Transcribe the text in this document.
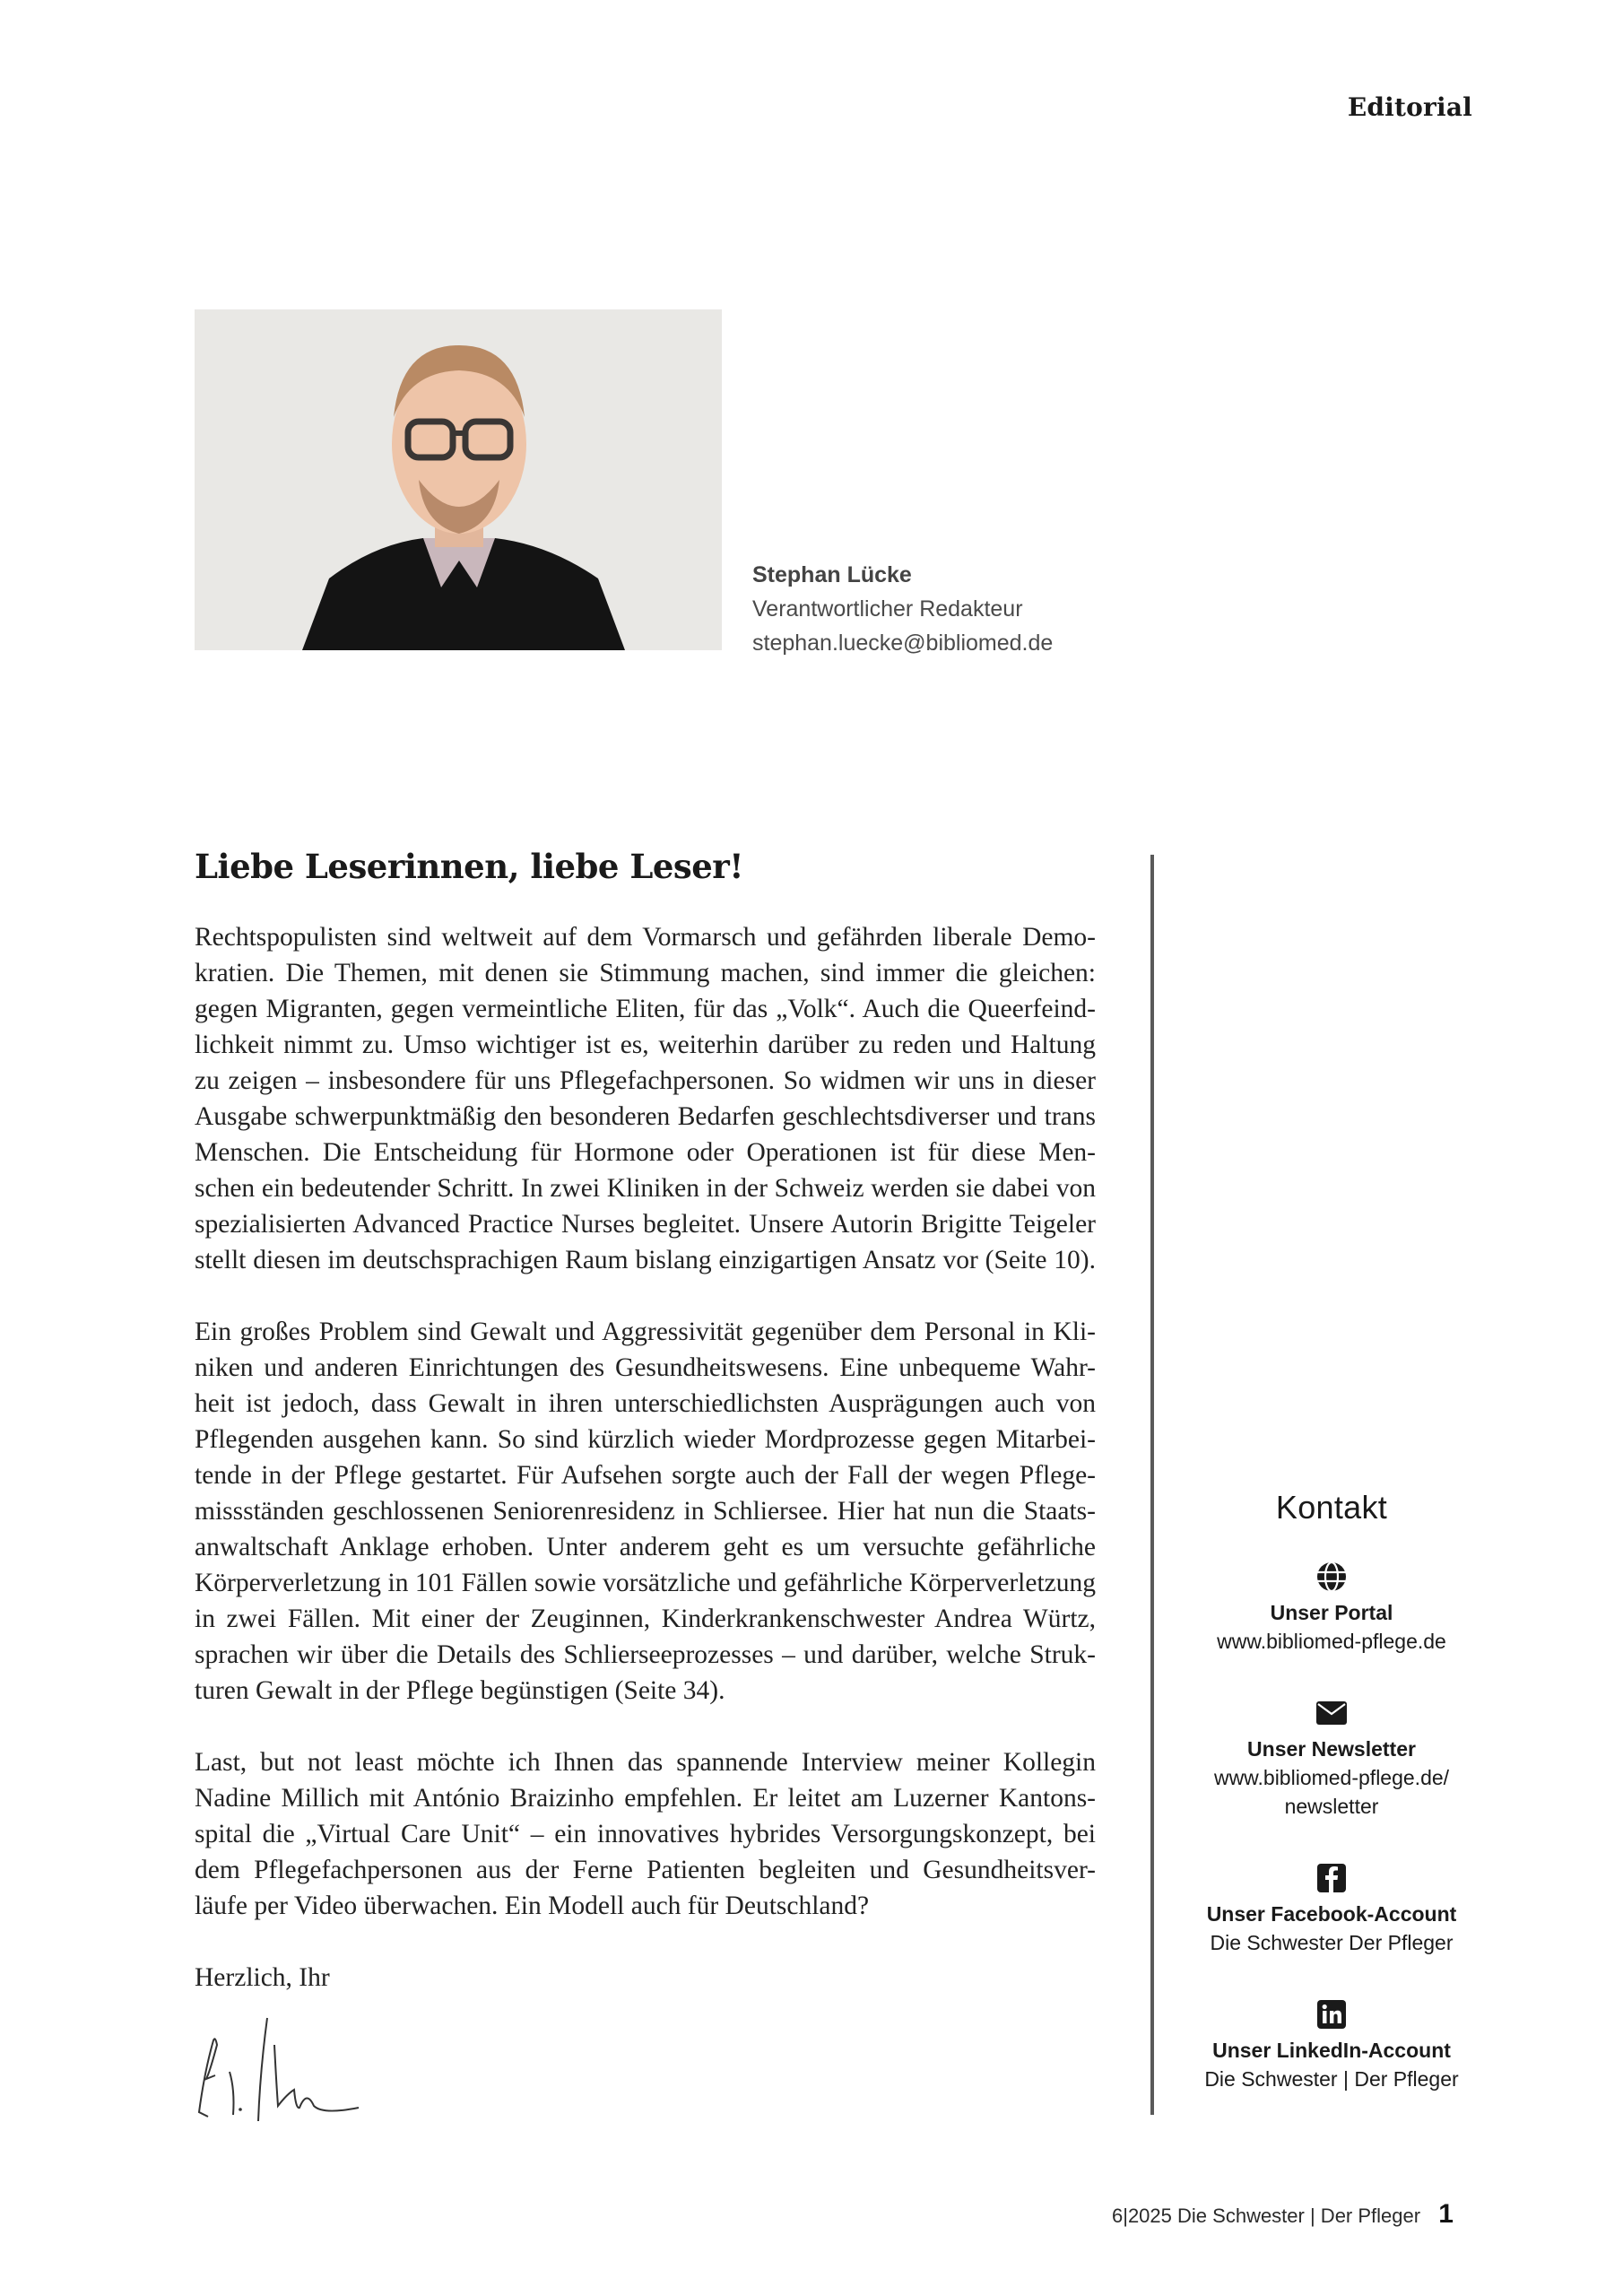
Editorial
Stephan Lücke
Verantwortlicher Redakteur
stephan.luecke@bibliomed.de
Liebe Leserinnen, liebe Leser!

Rechtspopulisten sind weltweit auf dem Vormarsch und gefährden liberale Demo-
kratien. Die Themen, mit denen sie Stimmung machen, sind immer die gleichen:
gegen Migranten, gegen vermeintliche Eliten, für das „Volk“. Auch die Queerfeind-
lichkeit nimmt zu. Umso wichtiger ist es, weiterhin darüber zu reden und Haltung
zu zeigen – insbesondere für uns Pflegefachpersonen. So widmen wir uns in dieser
Ausgabe schwerpunktmäßig den besonderen Bedarfen geschlechtsdiverser und trans
Menschen. Die Entscheidung für Hormone oder Operationen ist für diese Men-
schen ein bedeutender Schritt. In zwei Kliniken in der Schweiz werden sie dabei von
spezialisierten Advanced Practice Nurses begleitet. Unsere Autorin Brigitte Teigeler
stellt diesen im deutschsprachigen Raum bislang einzigartigen Ansatz vor (Seite 10).

Ein großes Problem sind Gewalt und Aggressivität gegenüber dem Personal in Kli-
niken und anderen Einrichtungen des Gesundheitswesens. Eine unbequeme Wahr-
heit ist jedoch, dass Gewalt in ihren unterschiedlichsten Ausprägungen auch von
Pflegenden ausgehen kann. So sind kürzlich wieder Mordprozesse gegen Mitarbei-
tende in der Pflege gestartet. Für Aufsehen sorgte auch der Fall der wegen Pflege-
missständen geschlossenen Seniorenresidenz in Schliersee. Hier hat nun die Staats-
anwaltschaft Anklage erhoben. Unter anderem geht es um versuchte gefährliche
Körperverletzung in 101 Fällen sowie vorsätzliche und gefährliche Körperverletzung
in zwei Fällen. Mit einer der Zeuginnen, Kinderkrankenschwester Andrea Würtz,
sprachen wir über die Details des Schlierseeprozesses – und darüber, welche Struk-
turen Gewalt in der Pflege begünstigen (Seite 34).

Last, but not least möchte ich Ihnen das spannende Interview meiner Kollegin
Nadine Millich mit António Braizinho empfehlen. Er leitet am Luzerner Kantons-
spital die „Virtual Care Unit“ – ein innovatives hybrides Versorgungskonzept, bei
dem Pflegefachpersonen aus der Ferne Patienten begleiten und Gesundheitsver-
läufe per Video überwachen. Ein Modell auch für Deutschland?

Herzlich, Ihr

Kontakt
Unser Portal
www.bibliomed-pflege.de
Unser Newsletter
www.bibliomed-pflege.de/
newsletter
Unser Facebook-Account
Die Schwester Der Pfleger
Unser LinkedIn-Account
Die Schwester | Der Pfleger
6|2025 Die Schwester | Der Pfleger 1
